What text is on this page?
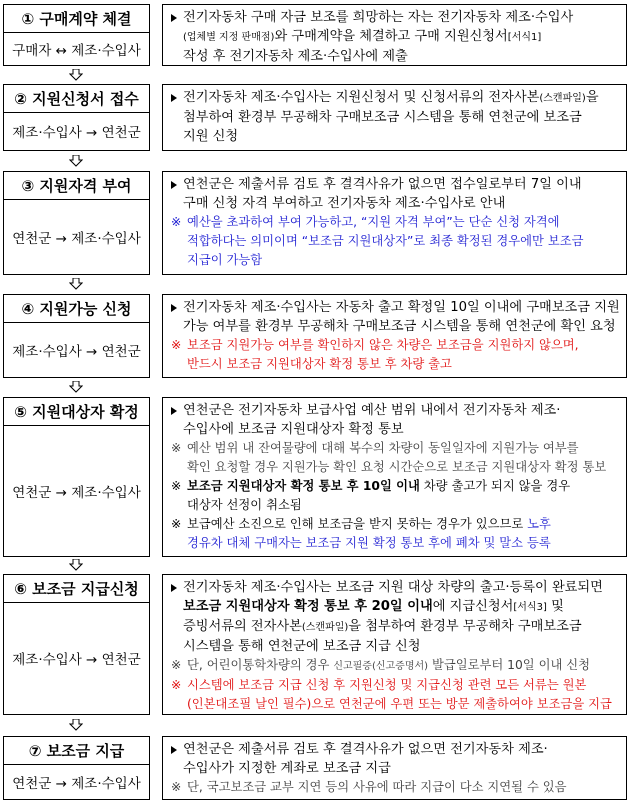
①
구매계약 체결
구매자 ↔ 제조·수입사
전기자동차 구매 자금 보조를 희망하는 자는 전기자동차 제조·수입사
(업체별 지정 판매점)와 구매계약을 체결하고 구매 지원신청서[서식1]
작성 후 전기자동차 제조·수입사에 제출
②
지원신청서 접수
제조·수입사 → 연천군
전기자동차 제조·수입사는 지원신청서 및 신청서류의 전자사본(스캔파일)을
첨부하여 환경부 무공해차 구매보조금 시스템을 통해 연천군에 보조금
지원 신청
③
지원자격 부여
연천군 → 제조·수입사
연천군은 제출서류 검토 후 결격사유가 없으면 접수일로부터 7일 이내
구매 신청 자격 부여하고 전기자동차 제조·수입사로 안내
※ 예산을 초과하여 부여 가능하고, “지원 자격 부여”는 단순 신청 자격에
적합하다는 의미이며 “보조금 지원대상자”로 최종 확정된 경우에만 보조금
지급이 가능함
④
지원가능 신청
제조·수입사 → 연천군
전기자동차 제조·수입사는 자동차 출고 확정일 10일 이내에 구매보조금 지원
가능 여부를 환경부 무공해차 구매보조금 시스템을 통해 연천군에 확인 요청
※ 보조금 지원가능 여부를 확인하지 않은 차량은 보조금을 지원하지 않으며,
반드시 보조금 지원대상자 확정 통보 후 차량 출고
⑤
지원대상자 확정
연천군 → 제조·수입사
연천군은 전기자동차 보급사업 예산 범위 내에서 전기자동차 제조·
수입사에 보조금 지원대상자 확정 통보
※ 예산 범위 내 잔여물량에 대해 복수의 차량이 동일일자에 지원가능 여부를
확인 요청할 경우 지원가능 확인 요청 시간순으로 보조금 지원대상자 확정 통보
※ 보조금 지원대상자 확정 통보 후 10일 이내 차량 출고가 되지 않을 경우
대상자 선정이 취소됨
※ 보급예산 소진으로 인해 보조금을 받지 못하는 경우가 있으므로 노후
경유차 대체 구매자는 보조금 지원 확정 통보 후에 폐차 및 말소 등록
⑥
보조금 지급신청
제조·수입사 → 연천군
전기자동차 제조·수입사는 보조금 지원 대상 차량의 출고·등록이 완료되면
보조금 지원대상자 확정 통보 후 20일 이내에 지급신청서[서식3] 및
증빙서류의 전자사본(스캔파일)을 첨부하여 환경부 무공해차 구매보조금
시스템을 통해 연천군에 보조금 지급 신청
※ 단, 어린이통학차량의 경우 신고필증(신고증명서) 발급일로부터 10일 이내 신청
※ 시스템에 보조금 지급 신청 후 지원신청 및 지급신청 관련 모든 서류는 원본
(인본대조필 날인 필수)으로 연천군에 우편 또는 방문 제출하여야 보조금을 지급
⑦
보조금 지급
연천군 → 제조·수입사
연천군은 제출서류 검토 후 결격사유가 없으면 전기자동차 제조·
수입사가 지정한 계좌로 보조금 지급
※ 단, 국고보조금 교부 지연 등의 사유에 따라 지급이 다소 지연될 수 있음
